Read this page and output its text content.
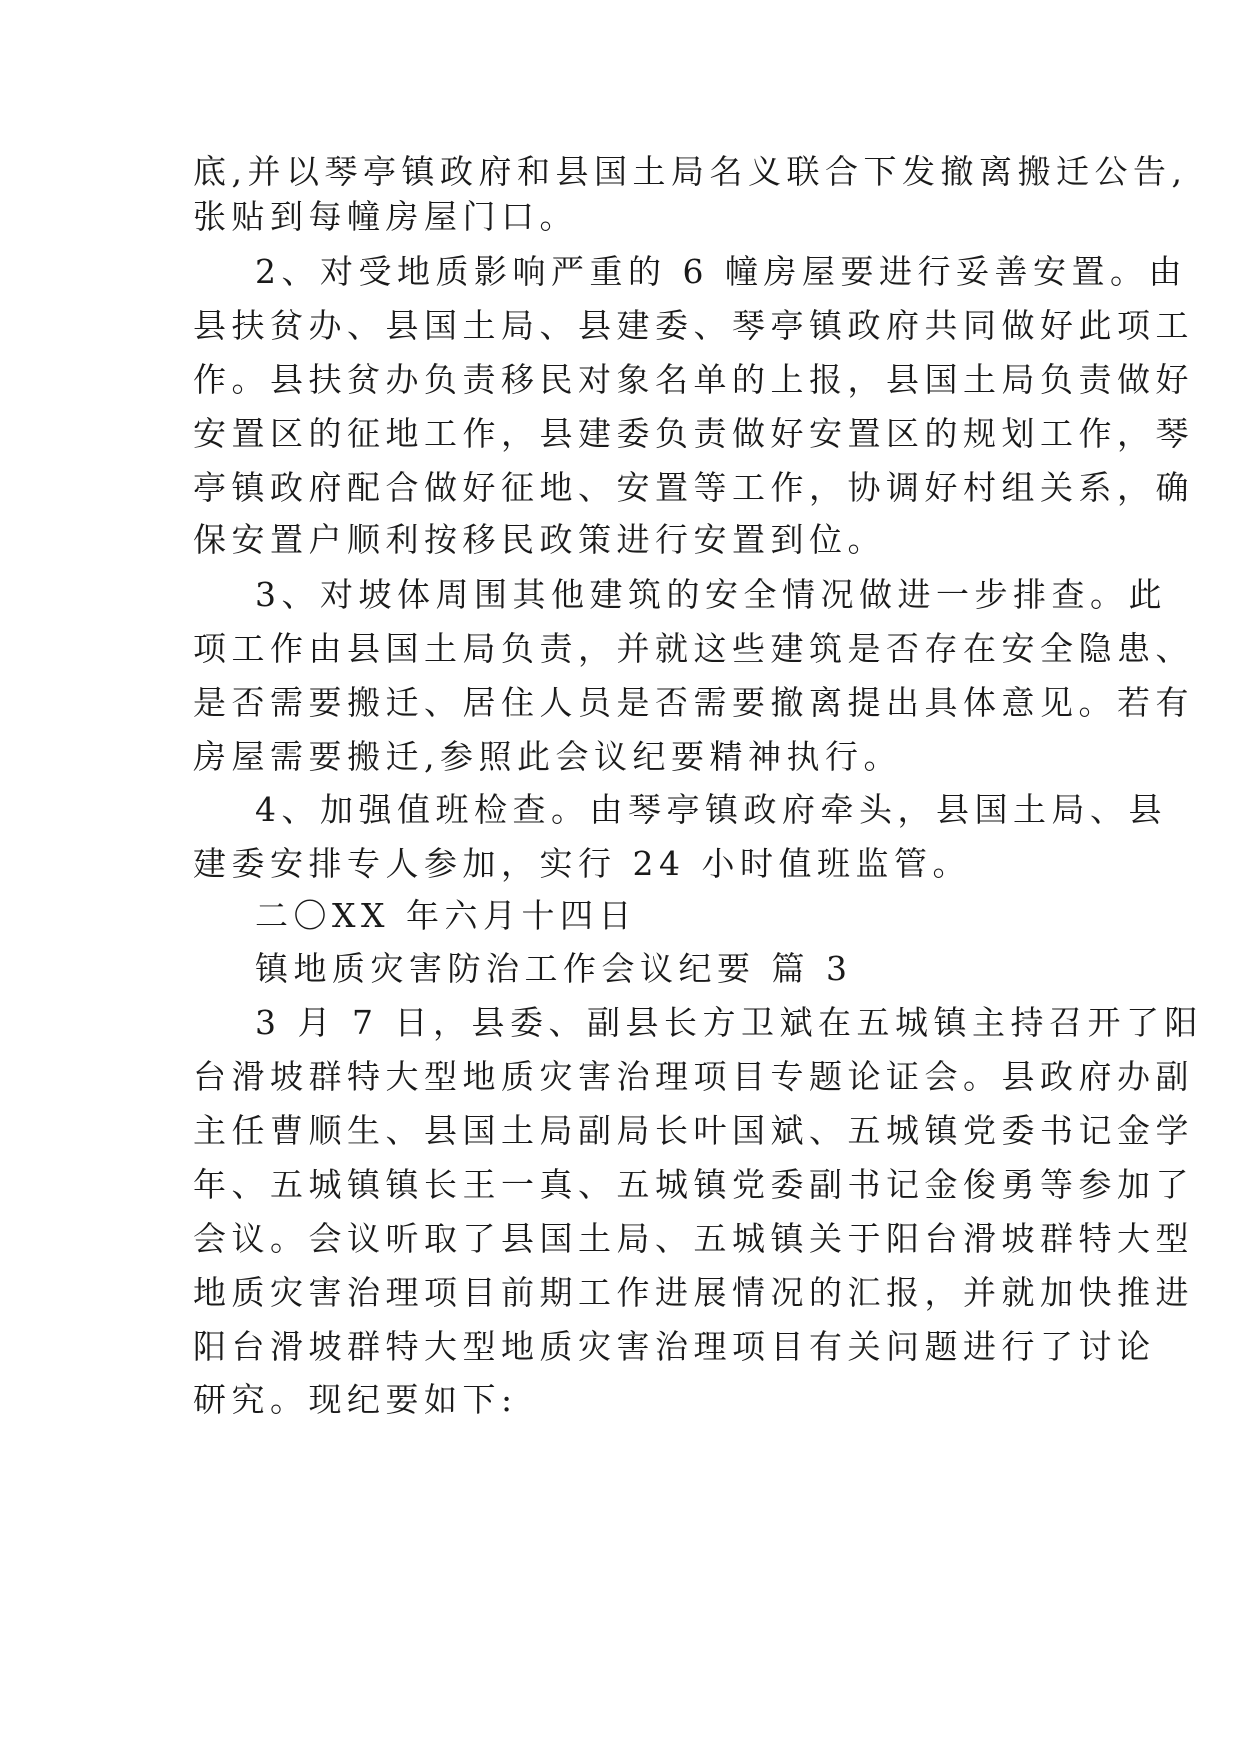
底,并以琴亭镇政府和县国土局名义联合下发撤离搬迁公告,
张贴到每幢房屋门口。
2、对受地质影响严重的 6 幢房屋要进行妥善安置。由
县扶贫办、县国土局、县建委、琴亭镇政府共同做好此项工
作。县扶贫办负责移民对象名单的上报，县国土局负责做好
安置区的征地工作，县建委负责做好安置区的规划工作，琴
亭镇政府配合做好征地、安置等工作，协调好村组关系，确
保安置户顺利按移民政策进行安置到位。
3、对坡体周围其他建筑的安全情况做进一步排查。此
项工作由县国土局负责，并就这些建筑是否存在安全隐患、
是否需要搬迁、居住人员是否需要撤离提出具体意见。若有
房屋需要搬迁,参照此会议纪要精神执行。
4、加强值班检查。由琴亭镇政府牵头，县国土局、县
建委安排专人参加，实行 24 小时值班监管。
二〇XX 年六月十四日
镇地质灾害防治工作会议纪要 篇 3
3 月 7 日，县委、副县长方卫斌在五城镇主持召开了阳
台滑坡群特大型地质灾害治理项目专题论证会。县政府办副
主任曹顺生、县国土局副局长叶国斌、五城镇党委书记金学
年、五城镇镇长王一真、五城镇党委副书记金俊勇等参加了
会议。会议听取了县国土局、五城镇关于阳台滑坡群特大型
地质灾害治理项目前期工作进展情况的汇报，并就加快推进
阳台滑坡群特大型地质灾害治理项目有关问题进行了讨论
研究。现纪要如下:
